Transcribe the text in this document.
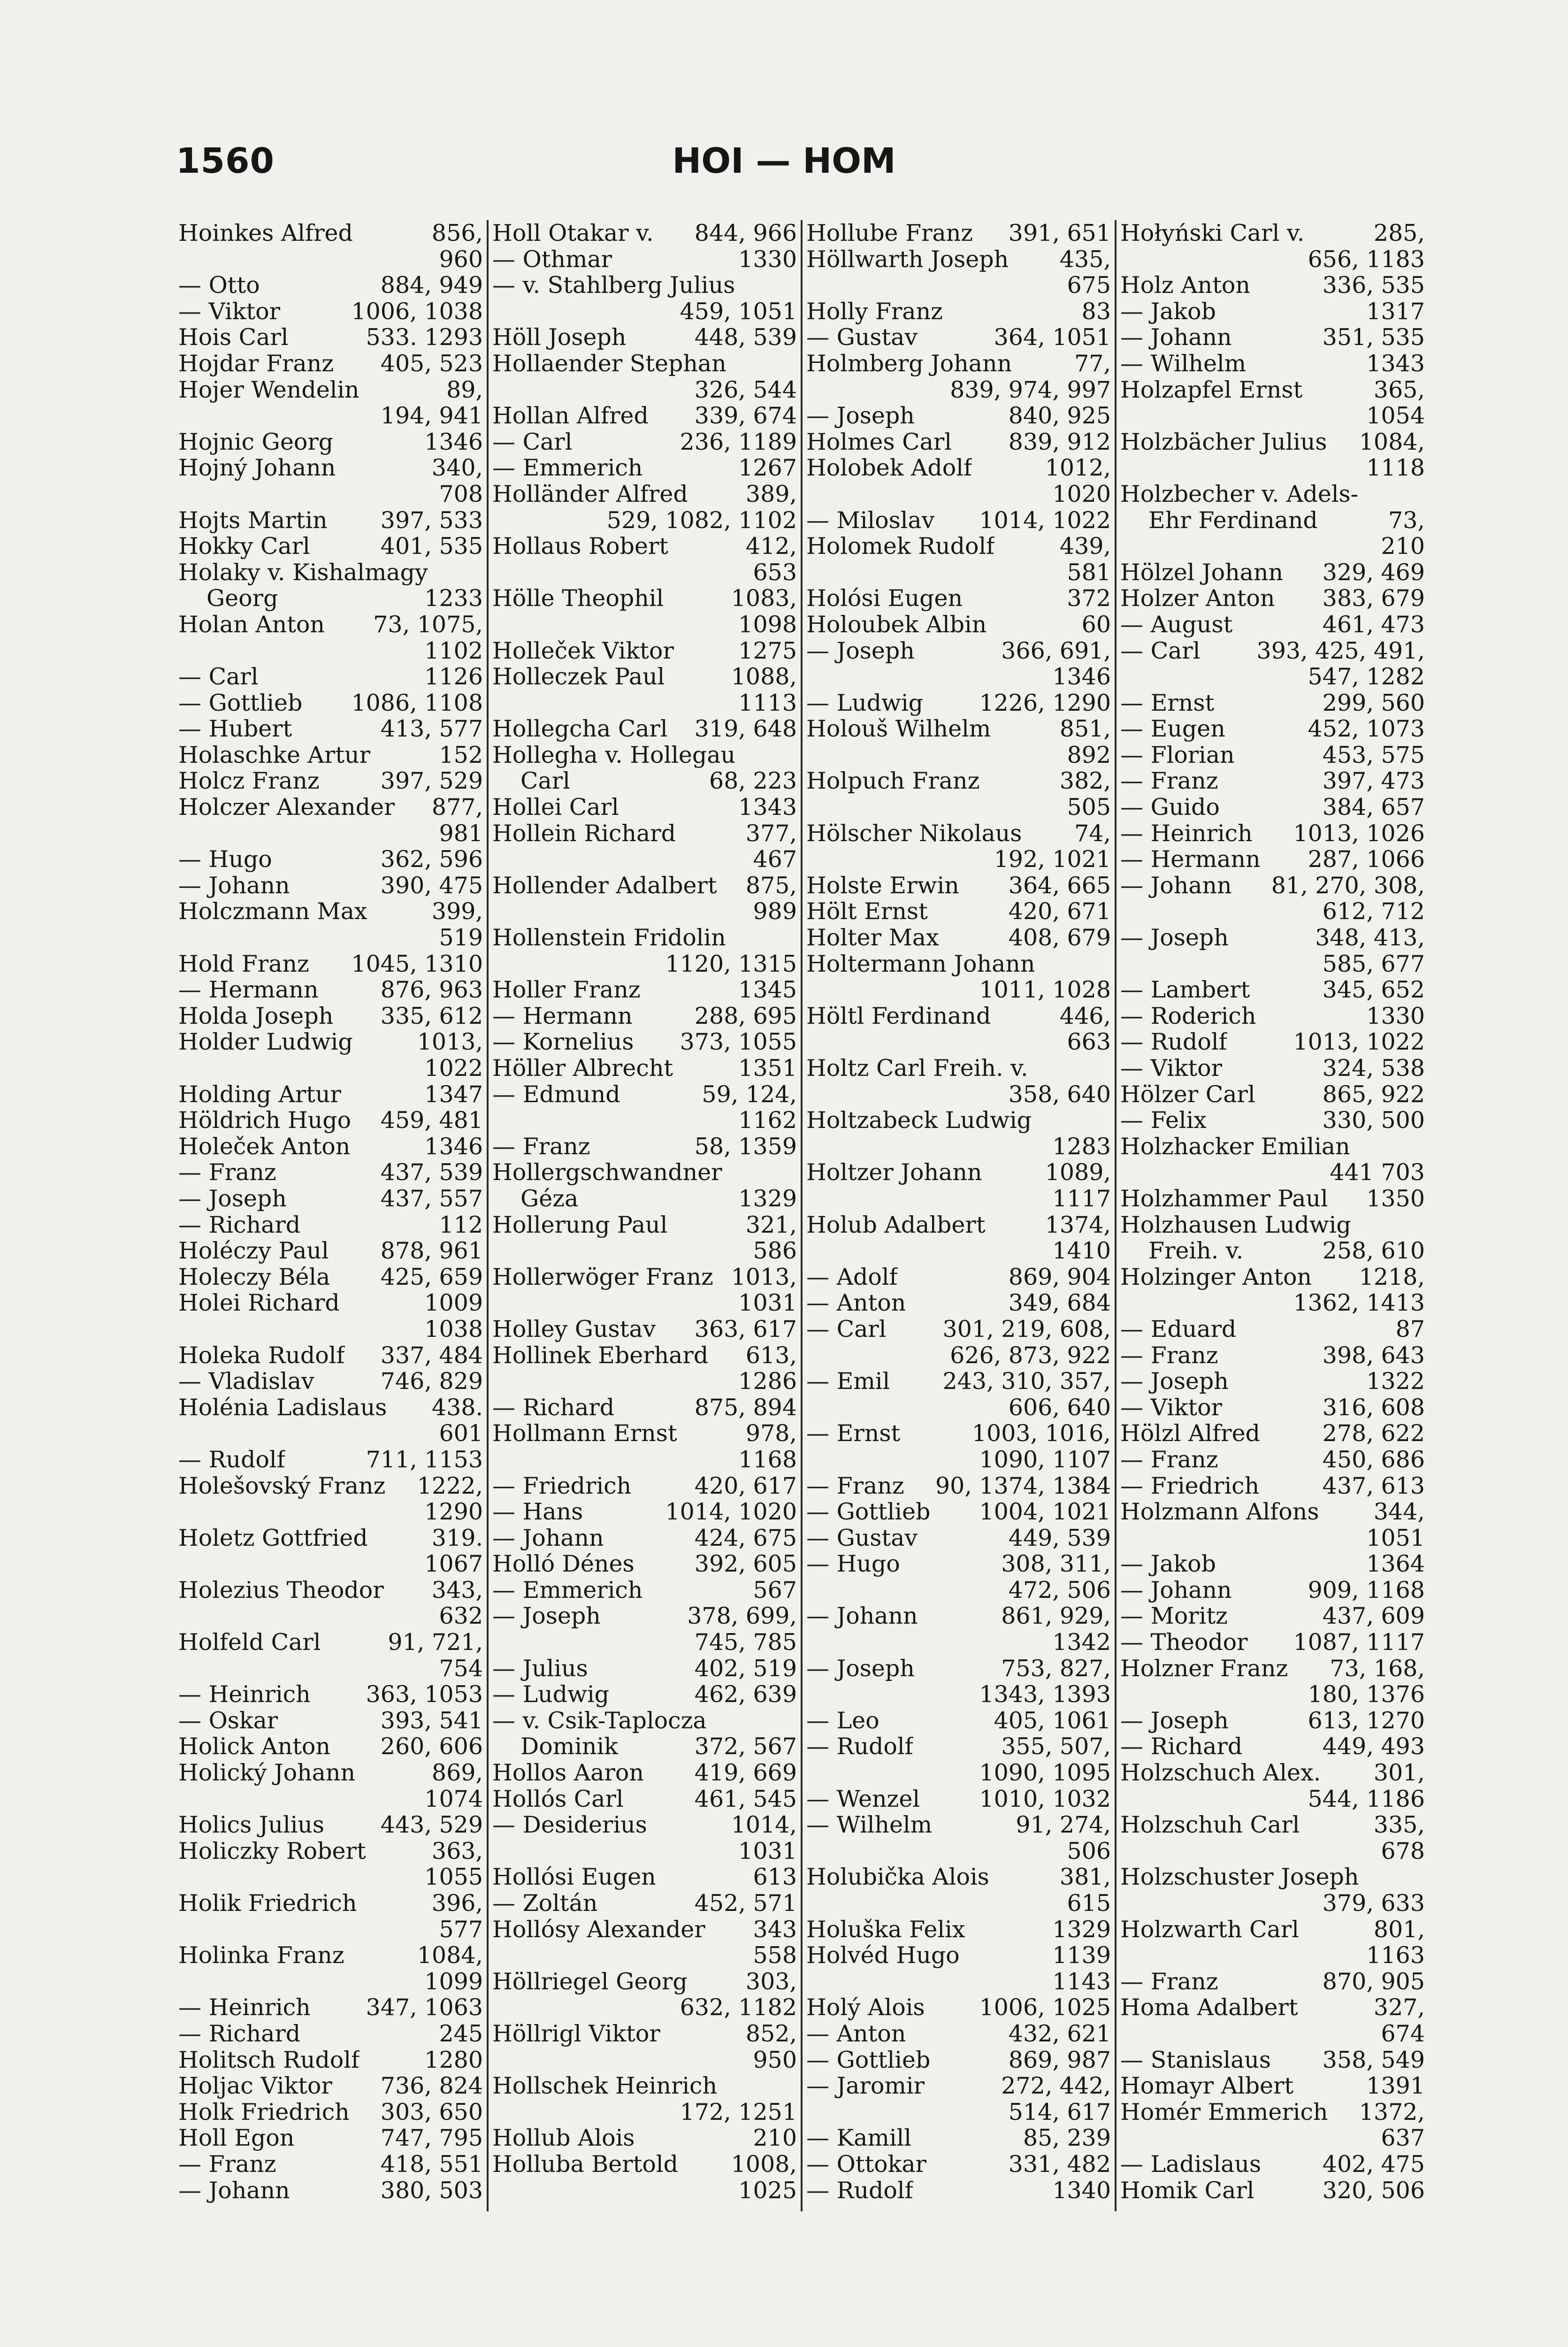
1560	HOI — HOM
Hoinkes Alfred	856,
960
— Otto	884, 949
— Viktor	1006, 1038
Hois Carl	533. 1293
Hojdar Franz 405, 523
Hojer Wendelin	89,
194, 941
Hojnic Georg	1346
Hojný Johann	340,
708
Hojts Martin 397, 533
Hokky Carl	401, 535
Holaky v. Kishalmagy
Georg	1233
Holan Anton 73, 1075,
1102
— Carl	1126
— Gottlieb 1086, 1108
— Hubert	413, 577
Holaschke Artur	152
Holcz Franz	397, 529
Holczer Alexander 877,
981
— Hugo	362, 596
— Johann	390, 475
Holczmann Max	399,
519
Hold Franz 1045, 1310
— Hermann	876, 963
Holda Joseph 335, 612
Holder Ludwig	1013,
1022
Holding Artur	1347
Höldrich Hugo 459, 481
Holeček Anton	1346
— Franz	437, 539
— Joseph	437, 557
— Richard	112
Holéczy Paul 878, 961
Holeczy Béla 425, 659
Holei Richard	1009
1038
Holeka Rudolf 337, 484
— Vladislav	746, 829
Holénia Ladislaus 438.
601
— Rudolf	711, 1153
Holešovský Franz 1222,
1290
Holetz Gottfried	319.
1067
Holezius Theodor 343,
632
Holfeld Carl	91, 721,
754
— Heinrich 363, 1053
— Oskar	393, 541
Holick Anton 260, 606
Holický Johann	869,
1074
Holics Julius 443, 529
Holiczky Robert	363,
1055
Holik Friedrich	396,
577
Holinka Franz	1084,
1099
— Heinrich 347, 1063
— Richard	245
Holitsch Rudolf	1280
Holjac Viktor 736, 824
Holk Friedrich 303, 650
Holl Egon	747, 795
— Franz	418, 551
— Johann	380, 503
Holl Otakar v. 844, 966
— Othmar	1330
— v. Stahlberg Julius
459, 1051
Höll Joseph	448, 539
Hollaender Stephan
326, 544
Hollan Alfred 339, 674
— Carl	236, 1189
— Emmerich	1267
Holländer Alfred	389,
529, 1082, 1102
Hollaus Robert	412,
653
Hölle Theophil	1083,
1098
Holleček Viktor	1275
Holleczek Paul	1088,
1113
Hollegcha Carl 319, 648
Hollegha v. Hollegau
Carl	68, 223
Hollei Carl	1343
Hollein Richard	377,
467
Hollender Adalbert 875,
989
Hollenstein Fridolin
1120, 1315
Holler Franz	1345
— Hermann	288, 695
— Kornelius 373, 1055
Höller Albrecht	1351
— Edmund	59, 124,
1162
— Franz	58, 1359
Hollergschwandner
Géza	1329
Hollerung Paul	321,
586
Hollerwöger Franz 1013,
1031
Holley Gustav 363, 617
Hollinek Eberhard 613,
1286
— Richard	875, 894
Hollmann Ernst	978,
1168
— Friedrich	420, 617
— Hans	1014, 1020
— Johann	424, 675
Holló Dénes	392, 605
— Emmerich	567
— Joseph	378, 699,
745, 785
— Julius	402, 519
— Ludwig	462, 639
— v. Csik-Taplocza
Dominik	372, 567
Hollos Aaron 419, 669
Hollós Carl	461, 545
— Desiderius	1014,
1031
Hollósi Eugen	613
— Zoltán	452, 571
Hollósy Alexander 343
558
Höllriegel Georg	303,
632, 1182
Höllrigl Viktor	852,
950
Hollschek Heinrich
172, 1251
Hollub Alois	210
Holluba Bertold 1008,
1025
Hollube Franz 391, 651
Höllwarth Joseph 435,
675
Holly Franz	83
— Gustav	364, 1051
Holmberg Johann	77,
839, 974, 997
— Joseph	840, 925
Holmes Carl 839, 912
Holobek Adolf	1012,
1020
— Miloslav 1014, 1022
Holomek Rudolf	439,
581
Holósi Eugen	372
Holoubek Albin	60
— Joseph	366, 691,
1346
— Ludwig 1226, 1290
Holouš Wilhelm	851,
892
Holpuch Franz	382,
505
Hölscher Nikolaus 74,
192, 1021
Holste Erwin 364, 665
Hölt Ernst	420, 671
Holter Max	408, 679
Holtermann Johann
1011, 1028
Höltl Ferdinand	446,
663
Holtz Carl Freih. v.
358, 640
Holtzabeck Ludwig
1283
Holtzer Johann	1089,
1117
Holub Adalbert	1374,
1410
— Adolf	869, 904
— Anton	349, 684
— Carl 301, 219, 608,
626, 873, 922
— Emil 243, 310, 357,
606, 640
— Ernst	1003, 1016,
1090, 1107
— Franz 90, 1374, 1384
— Gottlieb 1004, 1021
— Gustav	449, 539
— Hugo	308, 311,
472, 506
— Johann	861, 929,
1342
— Joseph	753, 827,
1343, 1393
— Leo	405, 1061
— Rudolf	355, 507,
1090, 1095
— Wenzel	1010, 1032
— Wilhelm	91, 274,
506
Holubička Alois	381,
615
Holuška Felix	1329
Holvéd Hugo	1139
1143
Holý Alois 1006, 1025
— Anton	432, 621
— Gottlieb	869, 987
— Jaromir	272, 442,
514, 617
— Kamill	85, 239
— Ottokar	331, 482
— Rudolf	1340
Hołyński Carl v.	285,
656, 1183
Holz Anton	336, 535
— Jakob	1317
— Johann	351, 535
— Wilhelm	1343
Holzapfel Ernst	365,
1054
Holzbächer Julius 1084,
1118
Holzbecher v. Adels-
Ehr Ferdinand	73,
210
Hölzel Johann 329, 469
Holzer Anton 383, 679
— August	461, 473
— Carl 393, 425, 491,
547, 1282
— Ernst	299, 560
— Eugen	452, 1073
— Florian	453, 575
— Franz	397, 473
— Guido	384, 657
— Heinrich 1013, 1026
— Hermann 287, 1066
— Johann 81, 270, 308,
612, 712
— Joseph	348, 413,
585, 677
— Lambert	345, 652
— Roderich	1330
— Rudolf	1013, 1022
— Viktor	324, 538
Hölzer Carl	865, 922
— Felix	330, 500
Holzhacker Emilian
441 703
Holzhammer Paul 1350
Holzhausen Ludwig
Freih. v.	258, 610
Holzinger Anton 1218,
1362, 1413
— Eduard	87
— Franz	398, 643
— Joseph	1322
— Viktor	316, 608
Hölzl Alfred	278, 622
— Franz	450, 686
— Friedrich	437, 613
Holzmann Alfons 344,
1051
— Jakob	1364
— Johann	909, 1168
— Moritz	437, 609
— Theodor 1087, 1117
Holzner Franz 73, 168,
180, 1376
— Joseph	613, 1270
— Richard	449, 493
Holzschuch Alex. 301,
544, 1186
Holzschuh Carl	335,
678
Holzschuster Joseph
379, 633
Holzwarth Carl	801,
1163
— Franz	870, 905
Homa Adalbert	327,
674
— Stanislaus 358, 549
Homayr Albert	1391
Homér Emmerich 1372,
637
— Ladislaus	402, 475
Homik Carl	320, 506
